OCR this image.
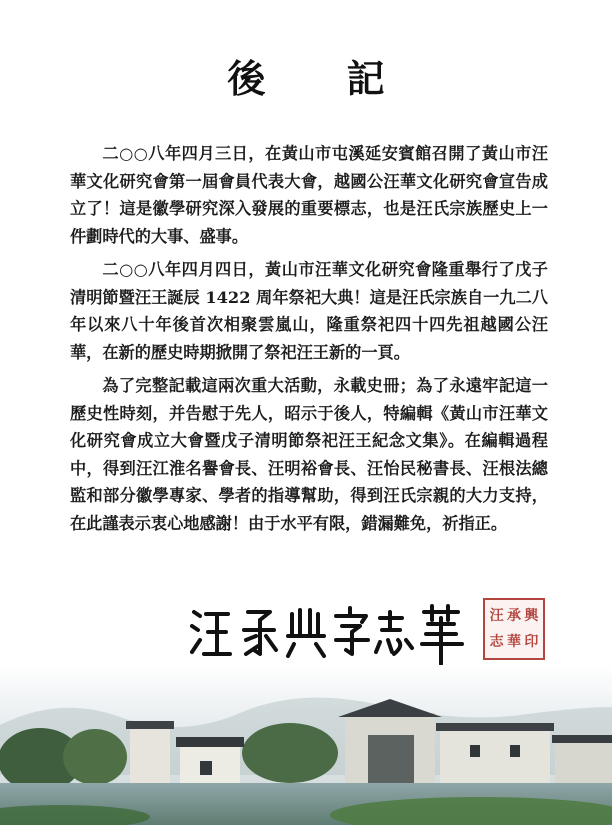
後 記

二○○八年四月三日，在黃山市屯溪延安賓館召開了黃山市汪華文化研究會第一屆會員代表大會，越國公汪華文化研究會宣告成立了！這是徽學研究深入發展的重要標志，也是汪氏宗族歷史上一件劃時代的大事、盛事。

二○○八年四月四日，黃山市汪華文化研究會隆重舉行了戊子清明節暨汪王誕辰 1422 周年祭祀大典！這是汪氏宗族自一九二八年以來八十年後首次相聚雲嵐山，隆重祭祀四十四先祖越國公汪華，在新的歷史時期掀開了祭祀汪王新的一頁。

為了完整記載這兩次重大活動，永載史冊；為了永遠牢記這一歷史性時刻，并告慰于先人，昭示于後人，特編輯《黃山市汪華文化研究會成立大會暨戊子清明節祭祀汪王紀念文集》。在編輯過程中，得到汪江淮名譽會長、汪明裕會長、汪怡民秘書長、汪根法總監和部分徽學專家、學者的指導幫助，得到汪氏宗親的大力支持，在此謹表示衷心地感謝！由于水平有限，錯漏難免，祈指正。

汪 承 興
志 華 印
